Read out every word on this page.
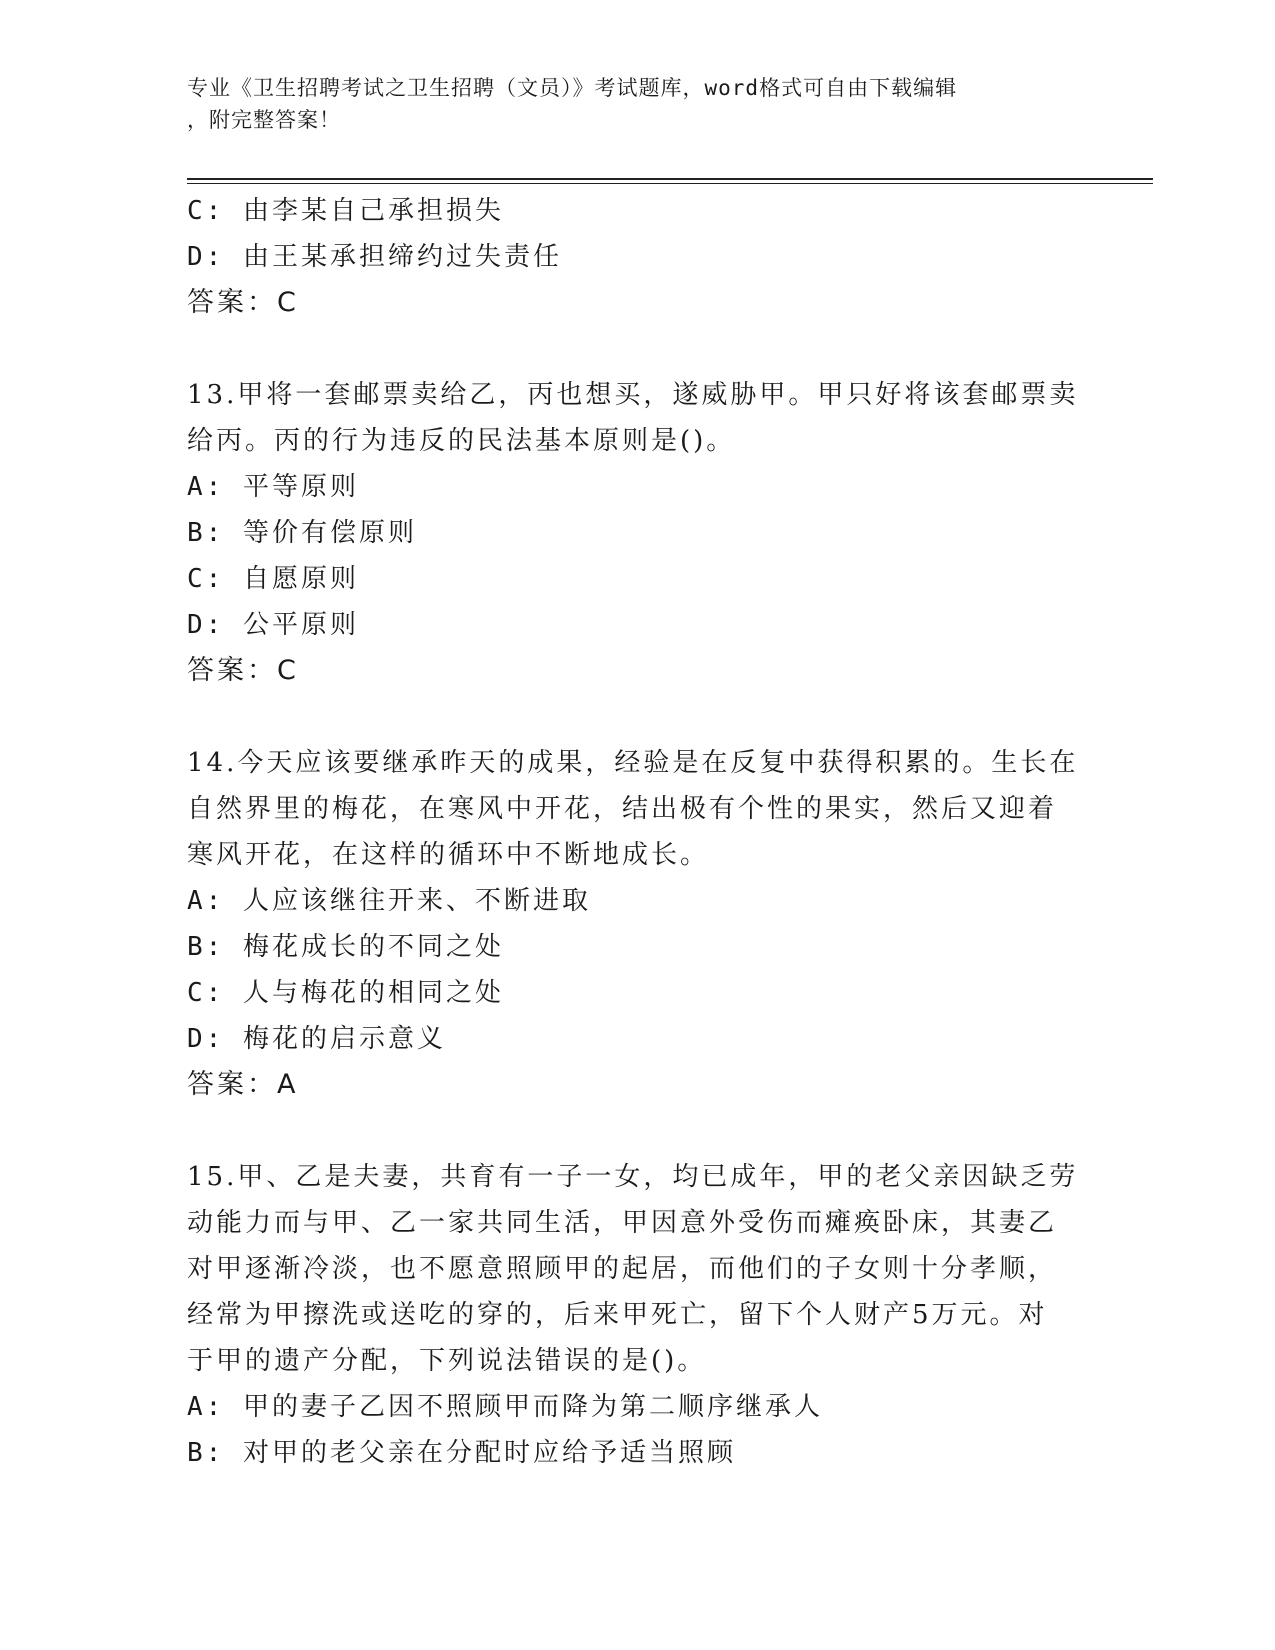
专业《卫生招聘考试之卫生招聘（文员）》考试题库，word格式可自由下载编辑
，附完整答案！
C: 由李某自己承担损失
D: 由王某承担缔约过失责任
答案：C
13.甲将一套邮票卖给乙，丙也想买，遂威胁甲。甲只好将该套邮票卖
给丙。丙的行为违反的民法基本原则是()。
A: 平等原则
B: 等价有偿原则
C: 自愿原则
D: 公平原则
答案：C
14.今天应该要继承昨天的成果，经验是在反复中获得积累的。生长在
自然界里的梅花，在寒风中开花，结出极有个性的果实，然后又迎着
寒风开花，在这样的循环中不断地成长。
A: 人应该继往开来、不断进取
B: 梅花成长的不同之处
C: 人与梅花的相同之处
D: 梅花的启示意义
答案：A
15.甲、乙是夫妻，共育有一子一女，均已成年，甲的老父亲因缺乏劳
动能力而与甲、乙一家共同生活，甲因意外受伤而瘫痪卧床，其妻乙
对甲逐渐冷淡，也不愿意照顾甲的起居，而他们的子女则十分孝顺，
经常为甲擦洗或送吃的穿的，后来甲死亡，留下个人财产5万元。对
于甲的遗产分配，下列说法错误的是()。
A: 甲的妻子乙因不照顾甲而降为第二顺序继承人
B: 对甲的老父亲在分配时应给予适当照顾
